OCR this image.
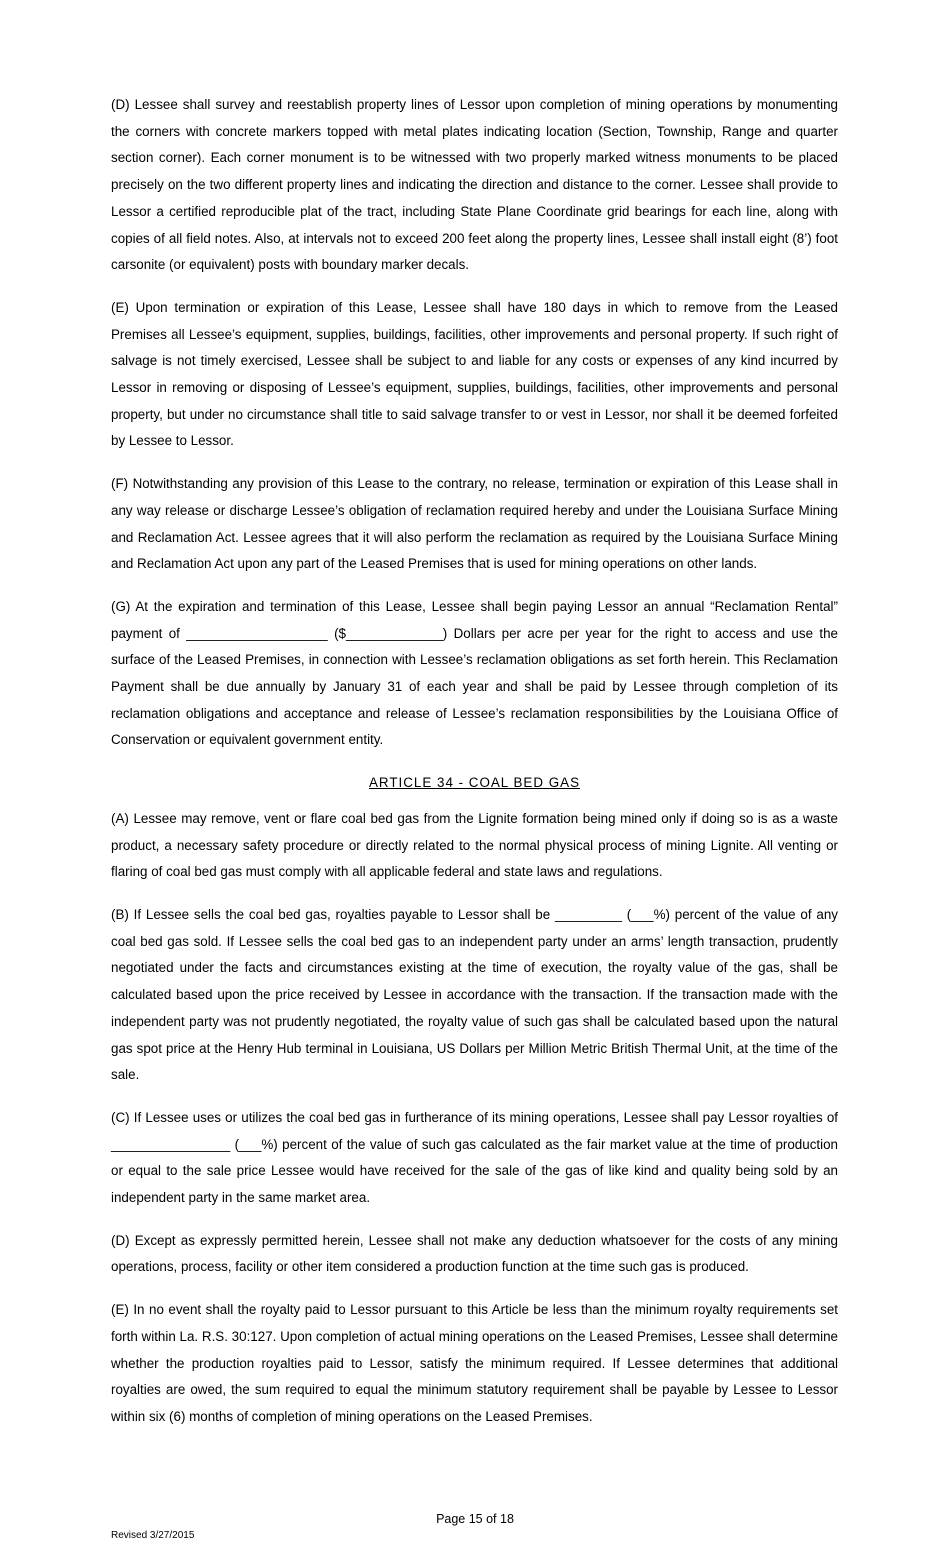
(D) Lessee shall survey and reestablish property lines of Lessor upon completion of mining operations by monumenting the corners with concrete markers topped with metal plates indicating location (Section, Township, Range and quarter section corner). Each corner monument is to be witnessed with two properly marked witness monuments to be placed precisely on the two different property lines and indicating the direction and distance to the corner. Lessee shall provide to Lessor a certified reproducible plat of the tract, including State Plane Coordinate grid bearings for each line, along with copies of all field notes. Also, at intervals not to exceed 200 feet along the property lines, Lessee shall install eight (8’) foot carsonite (or equivalent) posts with boundary marker decals.

(E) Upon termination or expiration of this Lease, Lessee shall have 180 days in which to remove from the Leased Premises all Lessee’s equipment, supplies, buildings, facilities, other improvements and personal property. If such right of salvage is not timely exercised, Lessee shall be subject to and liable for any costs or expenses of any kind incurred by Lessor in removing or disposing of Lessee’s equipment, supplies, buildings, facilities, other improvements and personal property, but under no circumstance shall title to said salvage transfer to or vest in Lessor, nor shall it be deemed forfeited by Lessee to Lessor.

(F) Notwithstanding any provision of this Lease to the contrary, no release, termination or expiration of this Lease shall in any way release or discharge Lessee’s obligation of reclamation required hereby and under the Louisiana Surface Mining and Reclamation Act. Lessee agrees that it will also perform the reclamation as required by the Louisiana Surface Mining and Reclamation Act upon any part of the Leased Premises that is used for mining operations on other lands.

(G) At the expiration and termination of this Lease, Lessee shall begin paying Lessor an annual “Reclamation Rental” payment of ___________________ ($_____________) Dollars per acre per year for the right to access and use the surface of the Leased Premises, in connection with Lessee’s reclamation obligations as set forth herein. This Reclamation Payment shall be due annually by January 31 of each year and shall be paid by Lessee through completion of its reclamation obligations and acceptance and release of Lessee’s reclamation responsibilities by the Louisiana Office of Conservation or equivalent government entity.

ARTICLE 34 - COAL BED GAS

(A) Lessee may remove, vent or flare coal bed gas from the Lignite formation being mined only if doing so is as a waste product, a necessary safety procedure or directly related to the normal physical process of mining Lignite. All venting or flaring of coal bed gas must comply with all applicable federal and state laws and regulations.

(B) If Lessee sells the coal bed gas, royalties payable to Lessor shall be _________ (___%) percent of the value of any coal bed gas sold. If Lessee sells the coal bed gas to an independent party under an arms’ length transaction, prudently negotiated under the facts and circumstances existing at the time of execution, the royalty value of the gas, shall be calculated based upon the price received by Lessee in accordance with the transaction. If the transaction made with the independent party was not prudently negotiated, the royalty value of such gas shall be calculated based upon the natural gas spot price at the Henry Hub terminal in Louisiana, US Dollars per Million Metric British Thermal Unit, at the time of the sale.

(C) If Lessee uses or utilizes the coal bed gas in furtherance of its mining operations, Lessee shall pay Lessor royalties of ________________ (___%) percent of the value of such gas calculated as the fair market value at the time of production or equal to the sale price Lessee would have received for the sale of the gas of like kind and quality being sold by an independent party in the same market area.

(D) Except as expressly permitted herein, Lessee shall not make any deduction whatsoever for the costs of any mining operations, process, facility or other item considered a production function at the time such gas is produced.

(E) In no event shall the royalty paid to Lessor pursuant to this Article be less than the minimum royalty requirements set forth within La. R.S. 30:127. Upon completion of actual mining operations on the Leased Premises, Lessee shall determine whether the production royalties paid to Lessor, satisfy the minimum required. If Lessee determines that additional royalties are owed, the sum required to equal the minimum statutory requirement shall be payable by Lessee to Lessor within six (6) months of completion of mining operations on the Leased Premises.

Page 15 of 18
Revised 3/27/2015
